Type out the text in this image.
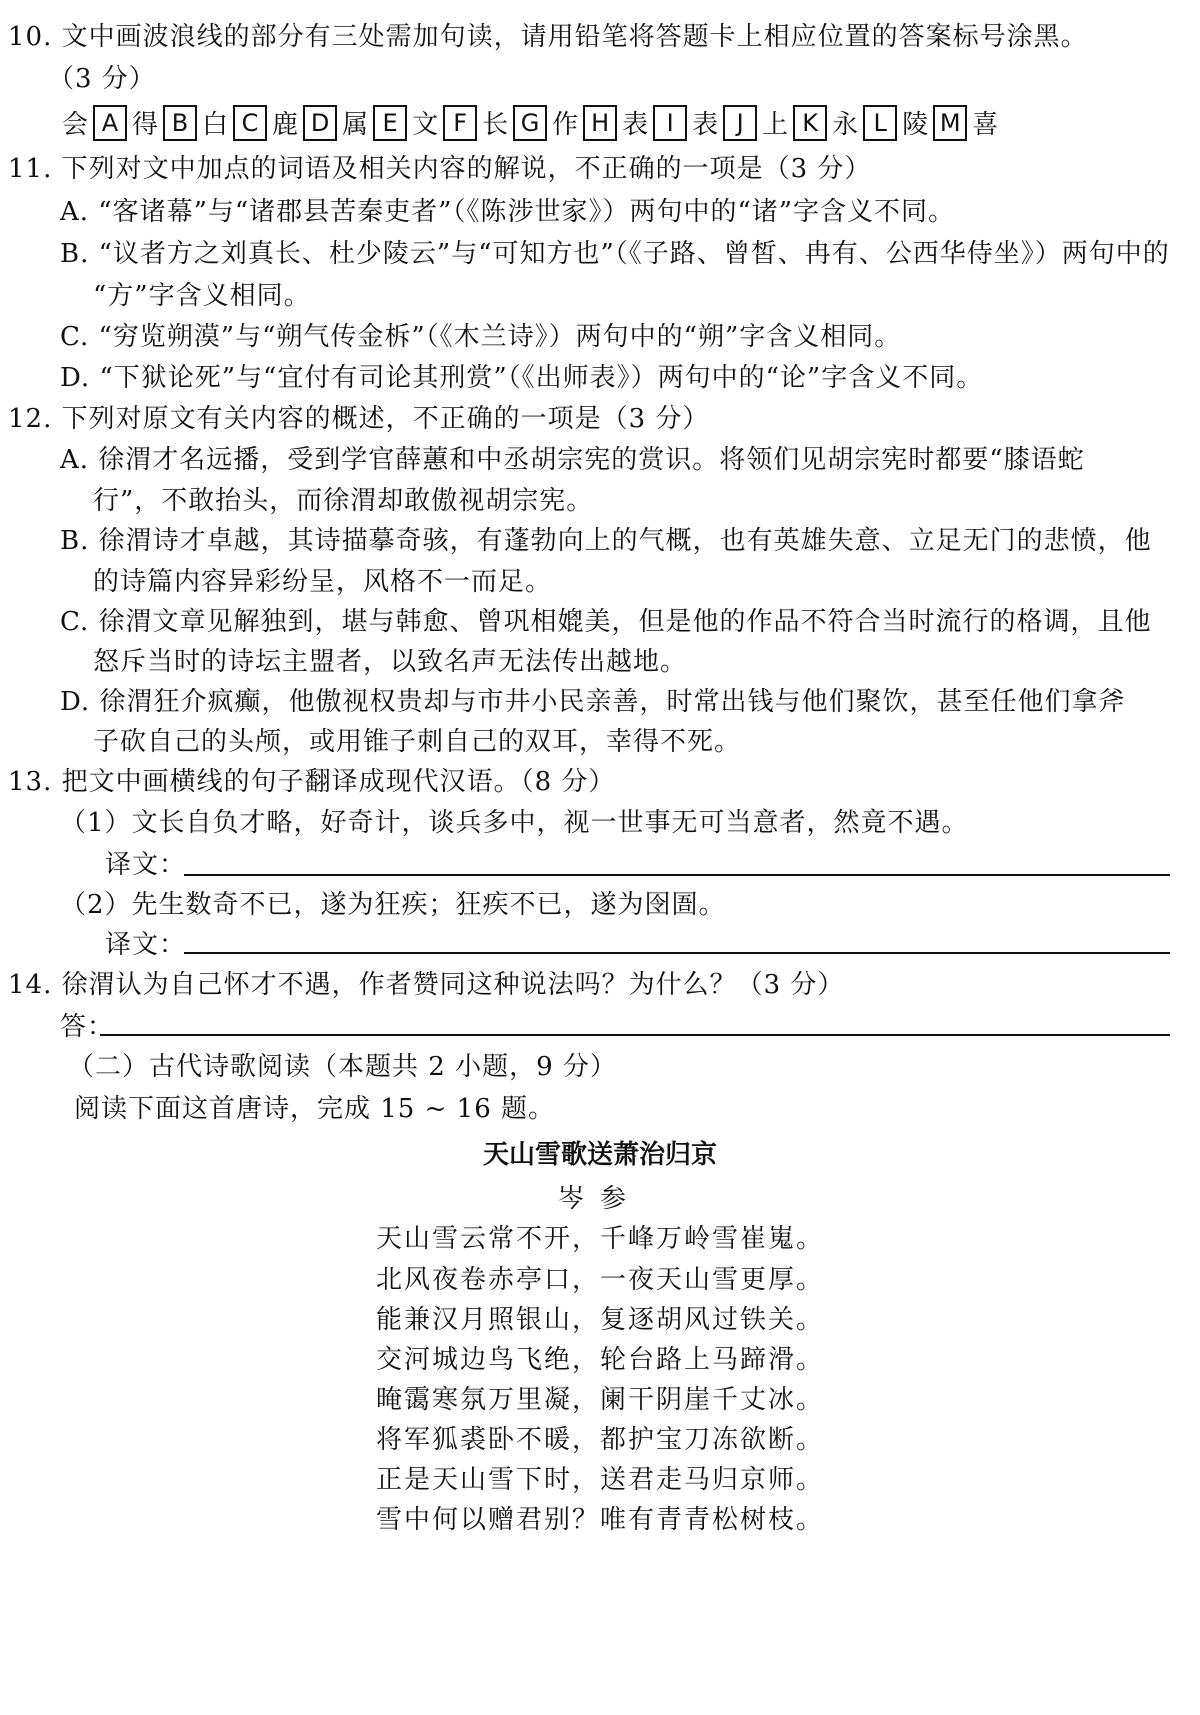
10. 文中画波浪线的部分有三处需加句读，请用铅笔将答题卡上相应位置的答案标号涂黑。
（3 分）
会 A 得 B 白 C 鹿 D 属 E 文 F 长 G 作 H 表 I 表 J 上 K 永 L 陵 M 喜
11. 下列对文中加点的词语及相关内容的解说，不正确的一项是（3 分）
A. “客诸幕”与“诸郡县苦秦吏者”（《陈涉世家》）两句中的“诸”字含义不同。
B. “议者方之刘真长、杜少陵云”与“可知方也”（《子路、曾皙、冉有、公西华侍坐》）两句中的
“方”字含义相同。
C. “穷览朔漠”与“朔气传金柝”（《木兰诗》）两句中的“朔”字含义相同。
D. “下狱论死”与“宜付有司论其刑赏”（《出师表》）两句中的“论”字含义不同。
12. 下列对原文有关内容的概述，不正确的一项是（3 分）
A. 徐渭才名远播，受到学官薛蕙和中丞胡宗宪的赏识。将领们见胡宗宪时都要“膝语蛇
行”，不敢抬头，而徐渭却敢傲视胡宗宪。
B. 徐渭诗才卓越，其诗描摹奇骇，有蓬勃向上的气概，也有英雄失意、立足无门的悲愤，他
的诗篇内容异彩纷呈，风格不一而足。
C. 徐渭文章见解独到，堪与韩愈、曾巩相媲美，但是他的作品不符合当时流行的格调，且他
怒斥当时的诗坛主盟者，以致名声无法传出越地。
D. 徐渭狂介疯癫，他傲视权贵却与市井小民亲善，时常出钱与他们聚饮，甚至任他们拿斧
子砍自己的头颅，或用锥子刺自己的双耳，幸得不死。
13. 把文中画横线的句子翻译成现代汉语。（8 分）
（1）文长自负才略，好奇计，谈兵多中，视一世事无可当意者，然竟不遇。
译文：
（2）先生数奇不已，遂为狂疾；狂疾不已，遂为囹圄。
译文：
14. 徐渭认为自己怀才不遇，作者赞同这种说法吗？为什么？（3 分）
答：
（二）古代诗歌阅读（本题共 2 小题，9 分）
阅读下面这首唐诗，完成 15 ~ 16 题。
天山雪歌送萧治归京
岑参
天山雪云常不开，千峰万岭雪崔嵬。
北风夜卷赤亭口，一夜天山雪更厚。
能兼汉月照银山，复逐胡风过铁关。
交河城边鸟飞绝，轮台路上马蹄滑。
晻霭寒氛万里凝，阑干阴崖千丈冰。
将军狐裘卧不暖，都护宝刀冻欲断。
正是天山雪下时，送君走马归京师。
雪中何以赠君别？唯有青青松树枝。
